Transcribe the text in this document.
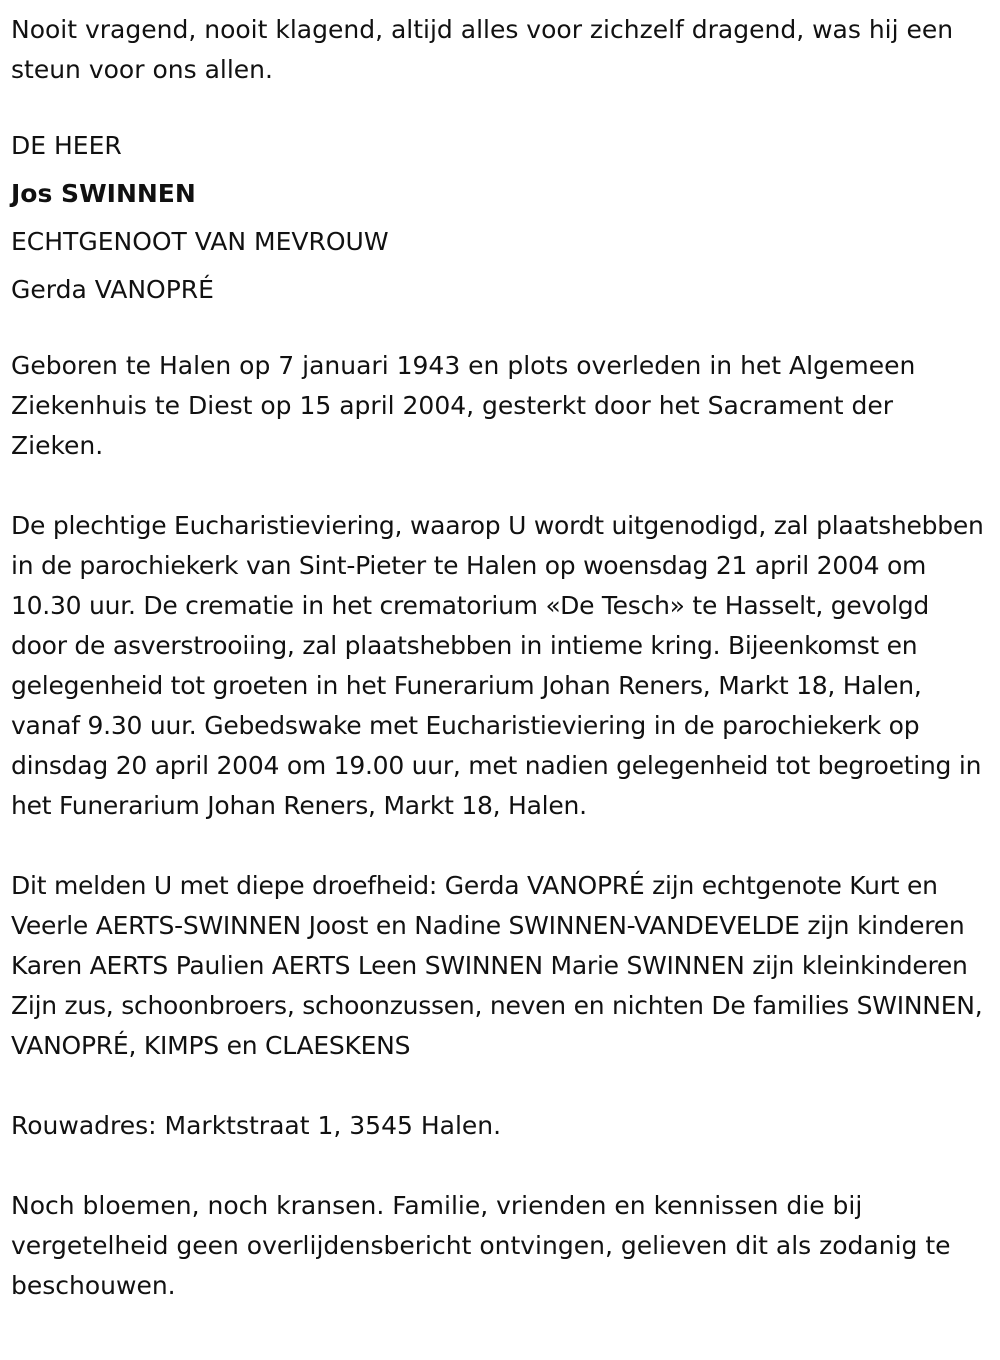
Nooit vragend, nooit klagend, altijd alles voor zichzelf dragend, was hij een steun voor ons allen.

DE HEER

Jos SWINNEN

ECHTGENOOT VAN MEVROUW

Gerda VANOPRÉ

Geboren te Halen op 7 januari 1943 en plots overleden in het Algemeen Ziekenhuis te Diest op 15 april 2004, gesterkt door het Sacrament der Zieken.

De plechtige Eucharistieviering, waarop U wordt uitgenodigd, zal plaatshebben in de parochiekerk van Sint-Pieter te Halen op woensdag 21 april 2004 om 10.30 uur. De crematie in het crematorium «De Tesch» te Hasselt, gevolgd door de asverstrooiing, zal plaatshebben in intieme kring. Bijeenkomst en gelegenheid tot groeten in het Funerarium Johan Reners, Markt 18, Halen, vanaf 9.30 uur. Gebedswake met Eucharistieviering in de parochiekerk op dinsdag 20 april 2004 om 19.00 uur, met nadien gelegenheid tot begroeting in het Funerarium Johan Reners, Markt 18, Halen.

Dit melden U met diepe droefheid: Gerda VANOPRÉ zijn echtgenote Kurt en Veerle AERTS-SWINNEN Joost en Nadine SWINNEN-VANDEVELDE zijn kinderen Karen AERTS Paulien AERTS Leen SWINNEN Marie SWINNEN zijn kleinkinderen Zijn zus, schoonbroers, schoonzussen, neven en nichten De families SWINNEN, VANOPRÉ, KIMPS en CLAESKENS

Rouwadres: Marktstraat 1, 3545 Halen.

Noch bloemen, noch kransen. Familie, vrienden en kennissen die bij vergetelheid geen overlijdensbericht ontvingen, gelieven dit als zodanig te beschouwen.
